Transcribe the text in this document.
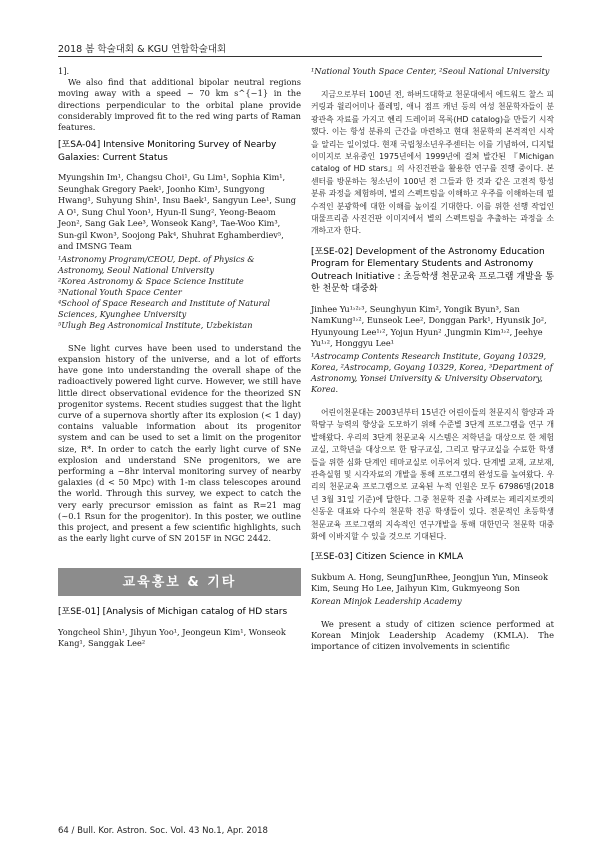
2018 봄 학술대회 & KGU 연합학술대회

1].

We also find that additional bipolar neutral regions moving away with a speed ~ 70 km s^{−1} in the directions perpendicular to the orbital plane provide considerably improved fit to the red wing parts of Raman features.

[포SA-04] Intensive Monitoring Survey of Nearby Galaxies: Current Status
Myungshin Im¹, Changsu Choi¹, Gu Lim¹, Sophia Kim¹, Seunghak Gregory Paek¹, Joonho Kim¹, Sungyong Hwang¹, Suhyung Shin¹, Insu Baek¹, Sangyun Lee¹, Sung A O¹, Sung Chul Yoon¹, Hyun-Il Sung², Yeong-Beaom Jeon², Sang Gak Lee³, Wonseok Kang³, Tae-Woo Kim³, Sun-gil Kwon³, Soojong Pak⁴, Shuhrat Eghamberdiev⁵, and IMSNG Team
¹Astronomy Program/CEOU, Dept. of Physics & Astronomy, Seoul National University
²Korea Astronomy & Space Science Institute
³National Youth Space Center
⁴School of Space Research and Institute of Natural Sciences, Kyunghee University
⁵Ulugh Beg Astronomical Institute, Uzbekistan

SNe light curves have been used to understand the expansion history of the universe, and a lot of efforts have gone into understanding the overall shape of the radioactively powered light curve. However, we still have little direct observational evidence for the theorized SN progenitor systems. Recent studies suggest that the light curve of a supernova shortly after its explosion (< 1 day) contains valuable information about its progenitor system and can be used to set a limit on the progenitor size, R*. In order to catch the early light curve of SNe explosion and understand SNe progenitors, we are performing a ~8hr interval monitoring survey of nearby galaxies (d < 50 Mpc) with 1-m class telescopes around the world. Through this survey, we expect to catch the very early precursor emission as faint as R=21 mag (~0.1 Rsun for the progenitor). In this poster, we outline this project, and present a few scientific highlights, such as the early light curve of SN 2015F in NGC 2442.

교육홍보 & 기타
[포SE-01] [Analysis of Michigan catalog of HD stars
Yongcheol Shin¹, Jihyun Yoo¹, Jeongeun Kim¹, Wonseok Kang¹, Sanggak Lee²
¹National Youth Space Center, ²Seoul National University

지금으로부터 100년 전, 하버드대학교 천문대에서 에드워드 찰스 피커링과 윌리어미나 플레밍, 애니 점프 캐넌 등의 여성 천문학자들이 분광관측 자료를 가지고 헨리 드레이퍼 목록(HD catalog)을 만들기 시작했다. 이는 항성 분류의 근간을 마련하고 현대 천문학의 본격적인 시작을 알리는 일이었다. 현재 국립청소년우주센터는 이를 기념하여, 디지털 이미지로 보유중인 1975년에서 1999년에 걸쳐 발간된 『Michigan catalog of HD stars』의 사진건판을 활용한 연구를 진행 중이다. 본 센터를 방문하는 청소년이 100년 전 그들과 한 것과 같은 고전적 항성 분류 과정을 체험하며, 별의 스펙트럼을 이해하고 우주를 이해하는데 필수적인 분광학에 대한 이해를 높이길 기대한다. 이를 위한 선행 작업인 대물프리즘 사진건판 이미지에서 별의 스펙트럼을 추출하는 과정을 소개하고자 한다.

[포SE-02] Development of the Astronomy Education Program for Elementary Students and Astronomy Outreach Initiative : 초등학생 천문교육 프로그램 개발을 통한 천문학 대중화
Jinhee Yu¹˒²˒³, Seunghyun Kim², Yongik Byun³, San NamKung¹˒², Eunseok Lee², Donggan Park¹, Hyunsik Jo², Hyunyoung Lee¹˒², Yojun Hyun² ,Jungmin Kim¹˒², Jeehye Yu¹˒², Honggyu Lee¹
¹Astrocamp Contents Research Institute, Goyang 10329, Korea, ²Astrocamp, Goyang 10329, Korea, ³Department of Astronomy, Yonsei University & University Observatory, Korea.

어린이천문대는 2003년부터 15년간 어린이들의 천문지식 함양과 과학탐구 능력의 향상을 도모하기 위해 수준별 3단계 프로그램을 연구 개발해왔다. 우리의 3단계 천문교육 시스템은 저학년을 대상으로 한 체험교실, 고학년을 대상으로 한 탐구교실, 그리고 탐구교실을 수료한 학생들을 위한 심화 단계인 테마교실로 이루어져 있다. 단계별 교재, 교보재, 관측실험 및 시각자료의 개발을 통해 프로그램의 완성도를 높여왔다. 우리의 천문교육 프로그램으로 교육된 누적 인원은 모두 67986명(2018년 3월 31일 기준)에 달한다. 그중 천문학 진출 사례로는 페리지로켓의 신동운 대표와 다수의 천문학 전공 학생들이 있다. 전문적인 초등학생 천문교육 프로그램의 지속적인 연구개발을 통해 대한민국 천문학 대중화에 이바지할 수 있을 것으로 기대된다.

[포SE-03] Citizen Science in KMLA
Sukbum A. Hong, SeungJunRhee, Jeongjun Yun, Minseok Kim, Seung Ho Lee, Jaihyun Kim, Gukmyeong Son
Korean Minjok Leadership Academy

We present a study of citizen science performed at Korean Minjok Leadership Academy (KMLA). The importance of citizen involvements in scientific

64 / Bull. Kor. Astron. Soc. Vol. 43 No.1, Apr. 2018
